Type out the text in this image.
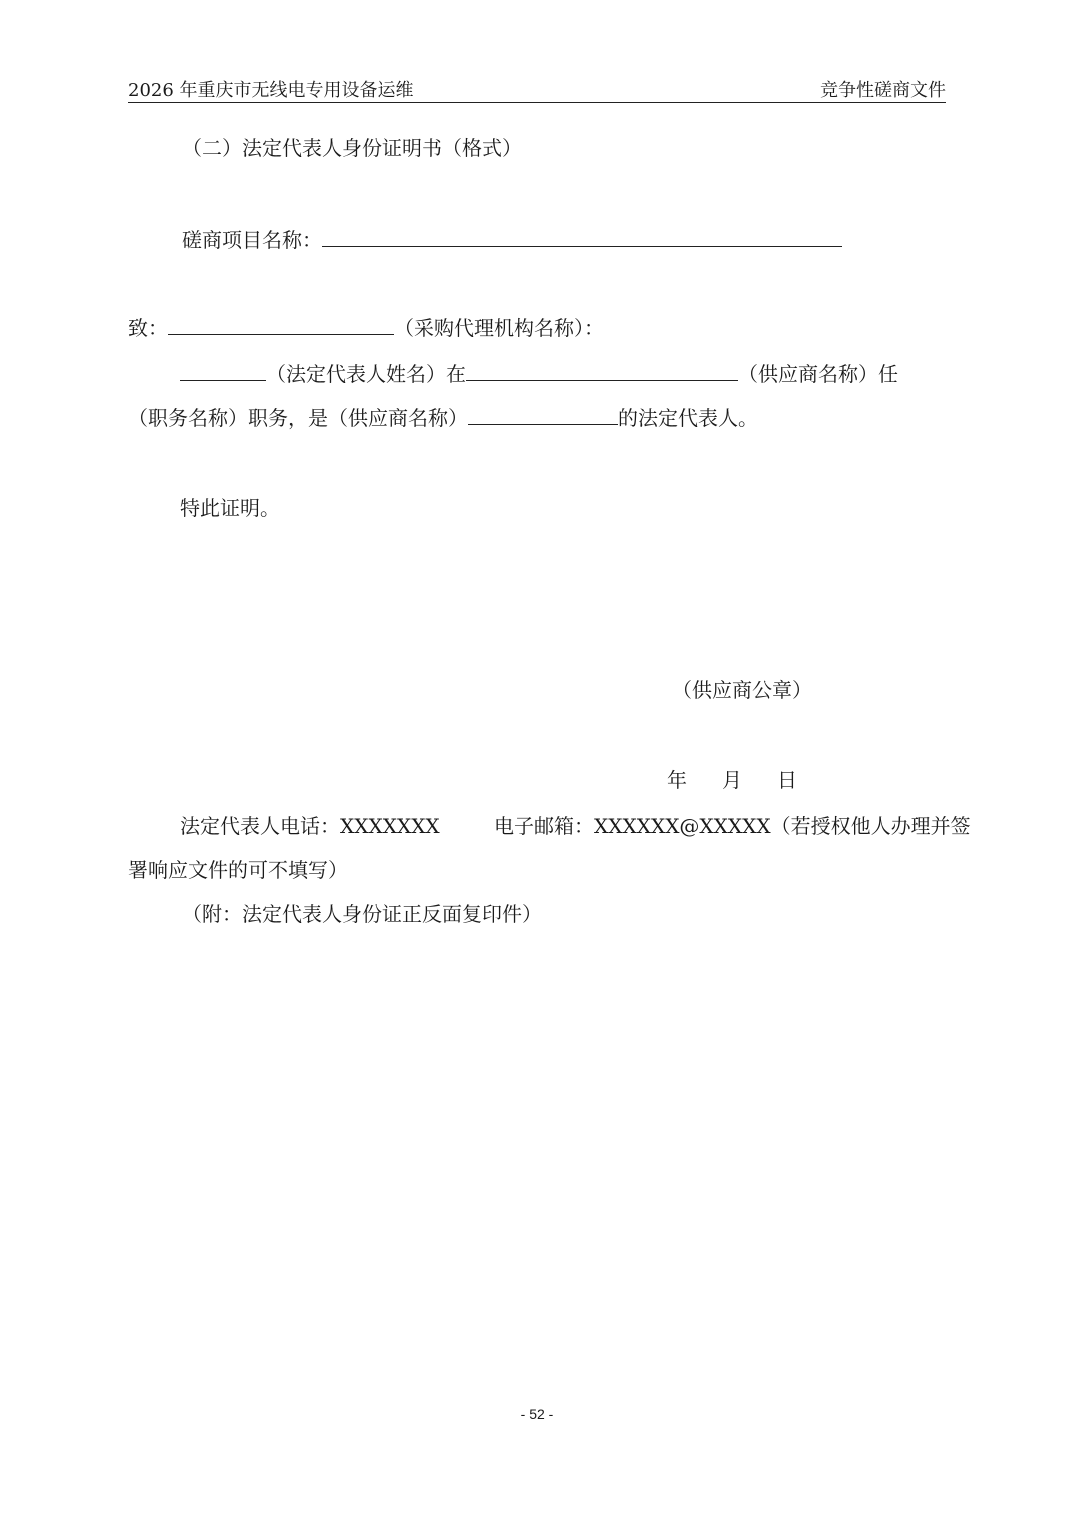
2026 年重庆市无线电专用设备运维	竞争性磋商文件
（二）法定代表人身份证明书（格式）
磋商项目名称：
致：	（采购代理机构名称）：
（法定代表人姓名）在	（供应商名称）任
（职务名称）职务，是（供应商名称）	的法定代表人。
特此证明。
（供应商公章）
年 月 日
法定代表人电话：XXXXXXX	电子邮箱：XXXXXX@XXXXX（若授权他人办理并签
署响应文件的可不填写）
（附：法定代表人身份证正反面复印件）
- 52 -
